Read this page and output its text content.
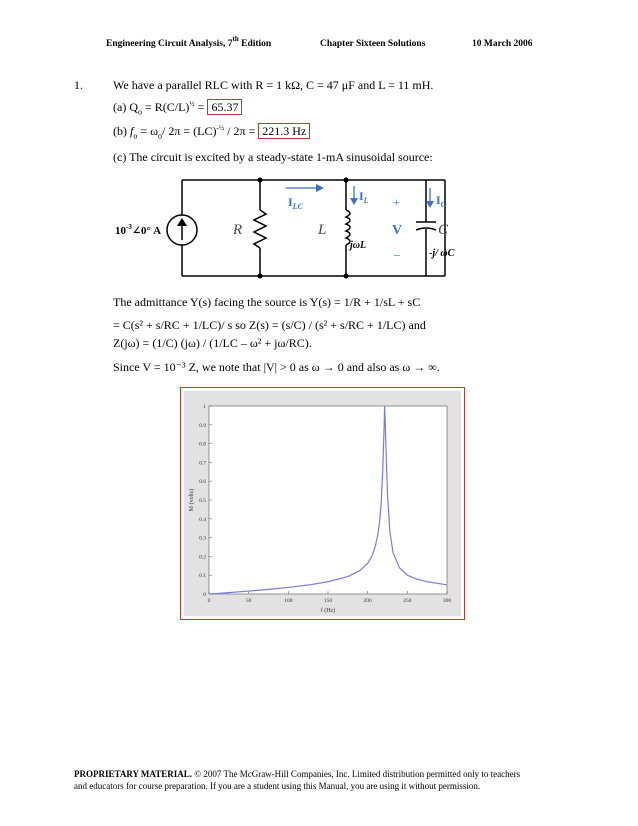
Engineering Circuit Analysis, 7th Edition	Chapter Sixteen Solutions	10 March 2006
1.	We have a parallel RLC with R = 1 kΩ, C = 47 μF and L = 11 mH.
(a) $Q_o = R(C/L)^{\frac{1}{2}} = 65.37$
(b) $f_o = \omega_o/$ 2π = (LC)$^{-\frac{1}{2}}$ / 2π = 221.3 Hz
(c) The circuit is excited by a steady-state 1-mA sinusoidal source:
$10^{-3}\angle 0^\circ$ A	R	L
jωL
+
V
–
C
-j/ ωC
$I_{LC}$
$I_L$	$I_C$
The admittance Y(s) facing the source is Y(s) = 1/R + 1/sL + sC
= C(s² + s/RC + 1/LC)/ s so Z(s) = (s/C) / (s² + s/RC + 1/LC) and
Z(jω) = (1/C) (jω) / (1/LC – ω² + jω/RC).
Since V = 10⁻³ Z, we note that |V| > 0 as ω → 0 and also as ω → ∞.
0	50	100	150	200	250	300
0
0.1
0.2
0.3
0.4
0.5
0.6
0.7
0.8
0.9
1
f (Hz)
M (volts)
PROPRIETARY MATERIAL. © 2007 The McGraw-Hill Companies, Inc. Limited distribution permitted only to teachers
and educators for course preparation. If you are a student using this Manual, you are using it without permission.
